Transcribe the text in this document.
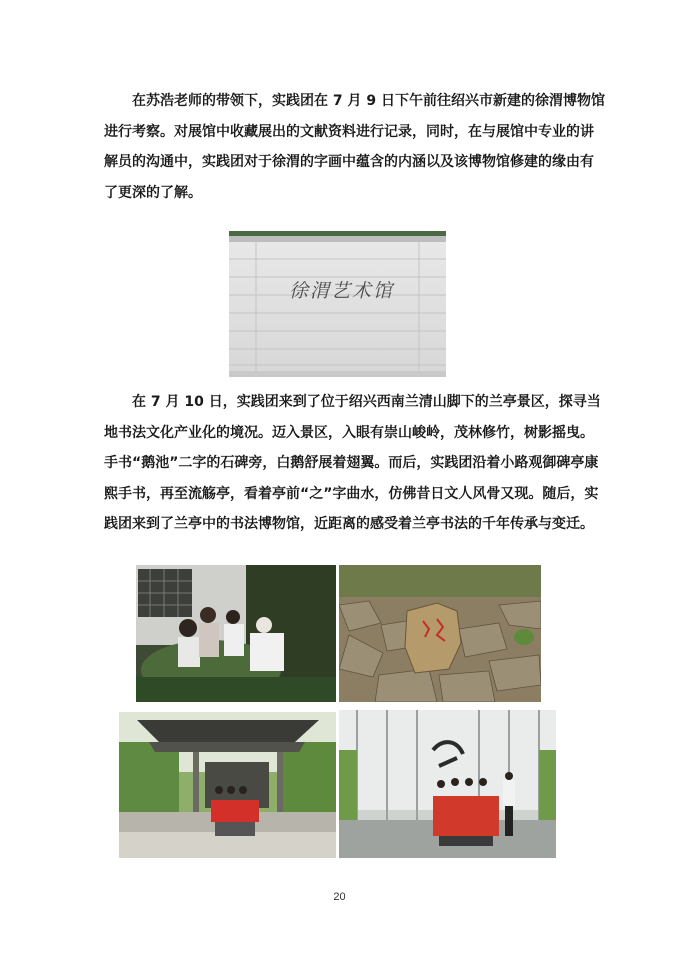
在苏浩老师的带领下，实践团在 7 月 9 日下午前往绍兴市新建的徐渭博物馆
进行考察。对展馆中收藏展出的文献资料进行记录，同时，在与展馆中专业的讲
解员的沟通中，实践团对于徐渭的字画中蕴含的内涵以及该博物馆修建的缘由有
了更深的了解。
徐渭艺术馆
在 7 月 10 日，实践团来到了位于绍兴西南兰清山脚下的兰亭景区，探寻当
地书法文化产业化的境况。迈入景区，入眼有崇山峻岭，茂林修竹，树影摇曳。
手书“鹅池”二字的石碑旁，白鹅舒展着翅翼。而后，实践团沿着小路观御碑亭康
熙手书，再至流觞亭，看着亭前“之”字曲水，仿佛昔日文人风骨又现。随后，实
践团来到了兰亭中的书法博物馆，近距离的感受着兰亭书法的千年传承与变迁。
20
